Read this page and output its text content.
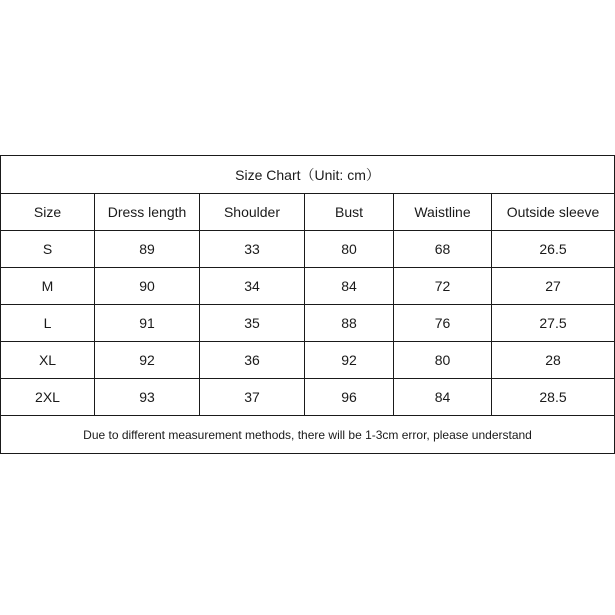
Size Chart（Unit: cm）					
Size	Dress length	Shoulder	Bust	Waistline	Outside sleeve
S	89	33	80	68	26.5
M	90	34	84	72	27
L	91	35	88	76	27.5
XL	92	36	92	80	28
2XL	93	37	96	84	28.5
Due to different measurement methods, there will be 1-3cm error, please understand					
